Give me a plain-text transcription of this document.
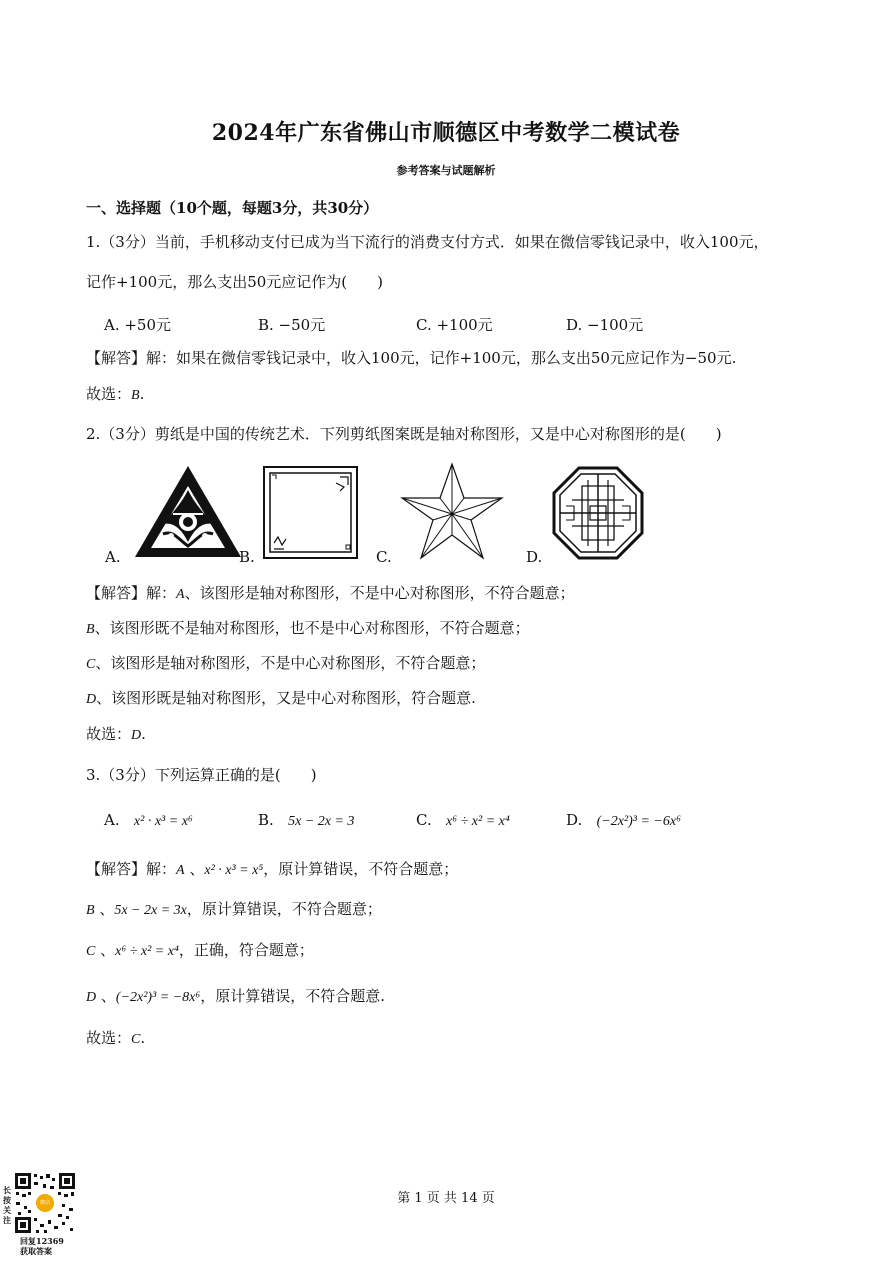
2024年广东省佛山市顺德区中考数学二模试卷
参考答案与试题解析
一、选择题（10个题，每题3分，共30分）
1.（3分）当前，手机移动支付已成为当下流行的消费支付方式．如果在微信零钱记录中，收入100元，
记作+100元，那么支出50元应记作为(　　)
A. +50元	B. −50元	C. +100元	D. −100元
【解答】解：如果在微信零钱记录中，收入100元，记作+100元，那么支出50元应记作为−50元.
故选：B.
2.（3分）剪纸是中国的传统艺术．下列剪纸图案既是轴对称图形，又是中心对称图形的是(　　)
A.	B.	C.	D.
【解答】解：A、该图形是轴对称图形，不是中心对称图形，不符合题意；
B、该图形既不是轴对称图形，也不是中心对称图形，不符合题意；
C、该图形是轴对称图形，不是中心对称图形，不符合题意；
D、该图形既是轴对称图形，又是中心对称图形，符合题意.
故选：D.
3.（3分）下列运算正确的是(　　)
A. x² · x³ = x⁶	B. 5x − 2x = 3	C. x⁶ ÷ x² = x⁴	D. (−2x²)³ = −6x⁶
【解答】解：A 、x² · x³ = x⁵，原计算错误，不符合题意；
B 、5x − 2x = 3x，原计算错误，不符合题意；
C 、x⁶ ÷ x² = x⁴，正确，符合题意；
D 、(−2x²)³ = −8x⁶，原计算错误，不符合题意.
故选：C.
第 1 页 共 14 页
长按关注
微信
回复12369
获取答案
